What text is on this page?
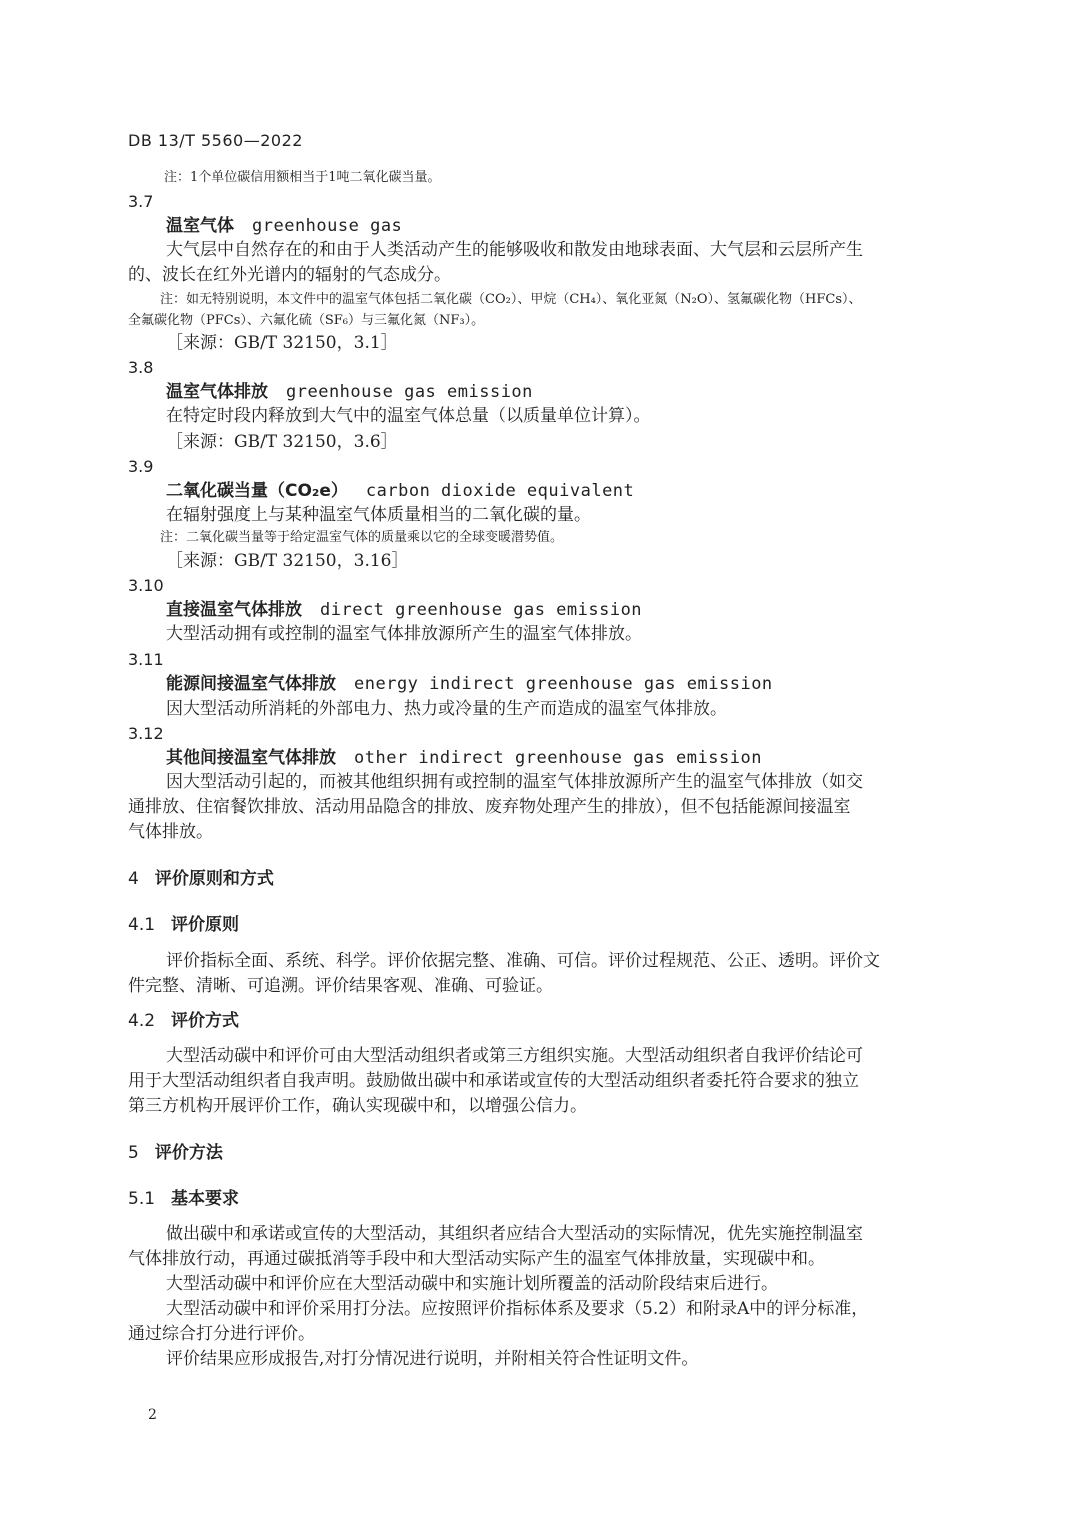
DB 13/T 5560—2022
注：1个单位碳信用额相当于1吨二氧化碳当量。
3.7
温室气体 greenhouse gas
大气层中自然存在的和由于人类活动产生的能够吸收和散发由地球表面、大气层和云层所产生
的、波长在红外光谱内的辐射的气态成分。
注：如无特别说明，本文件中的温室气体包括二氧化碳（CO₂）、甲烷（CH₄）、氧化亚氮（N₂O）、氢氟碳化物（HFCs）、
全氟碳化物（PFCs）、六氟化硫（SF₆）与三氟化氮（NF₃）。
［来源：GB/T 32150，3.1］
3.8
温室气体排放 greenhouse gas emission
在特定时段内释放到大气中的温室气体总量（以质量单位计算）。
［来源：GB/T 32150，3.6］
3.9
二氧化碳当量（CO₂e） carbon dioxide equivalent
在辐射强度上与某种温室气体质量相当的二氧化碳的量。
注：二氧化碳当量等于给定温室气体的质量乘以它的全球变暖潜势值。
［来源：GB/T 32150，3.16］
3.10
直接温室气体排放 direct greenhouse gas emission
大型活动拥有或控制的温室气体排放源所产生的温室气体排放。
3.11
能源间接温室气体排放 energy indirect greenhouse gas emission
因大型活动所消耗的外部电力、热力或冷量的生产而造成的温室气体排放。
3.12
其他间接温室气体排放 other indirect greenhouse gas emission
因大型活动引起的，而被其他组织拥有或控制的温室气体排放源所产生的温室气体排放（如交
通排放、住宿餐饮排放、活动用品隐含的排放、废弃物处理产生的排放），但不包括能源间接温室
气体排放。
4 评价原则和方式
4.1 评价原则
评价指标全面、系统、科学。评价依据完整、准确、可信。评价过程规范、公正、透明。评价文
件完整、清晰、可追溯。评价结果客观、准确、可验证。
4.2 评价方式
大型活动碳中和评价可由大型活动组织者或第三方组织实施。大型活动组织者自我评价结论可
用于大型活动组织者自我声明。鼓励做出碳中和承诺或宣传的大型活动组织者委托符合要求的独立
第三方机构开展评价工作，确认实现碳中和，以增强公信力。
5 评价方法
5.1 基本要求
做出碳中和承诺或宣传的大型活动，其组织者应结合大型活动的实际情况，优先实施控制温室
气体排放行动，再通过碳抵消等手段中和大型活动实际产生的温室气体排放量，实现碳中和。
大型活动碳中和评价应在大型活动碳中和实施计划所覆盖的活动阶段结束后进行。
大型活动碳中和评价采用打分法。应按照评价指标体系及要求（5.2）和附录A中的评分标准，
通过综合打分进行评价。
评价结果应形成报告,对打分情况进行说明，并附相关符合性证明文件。
2
